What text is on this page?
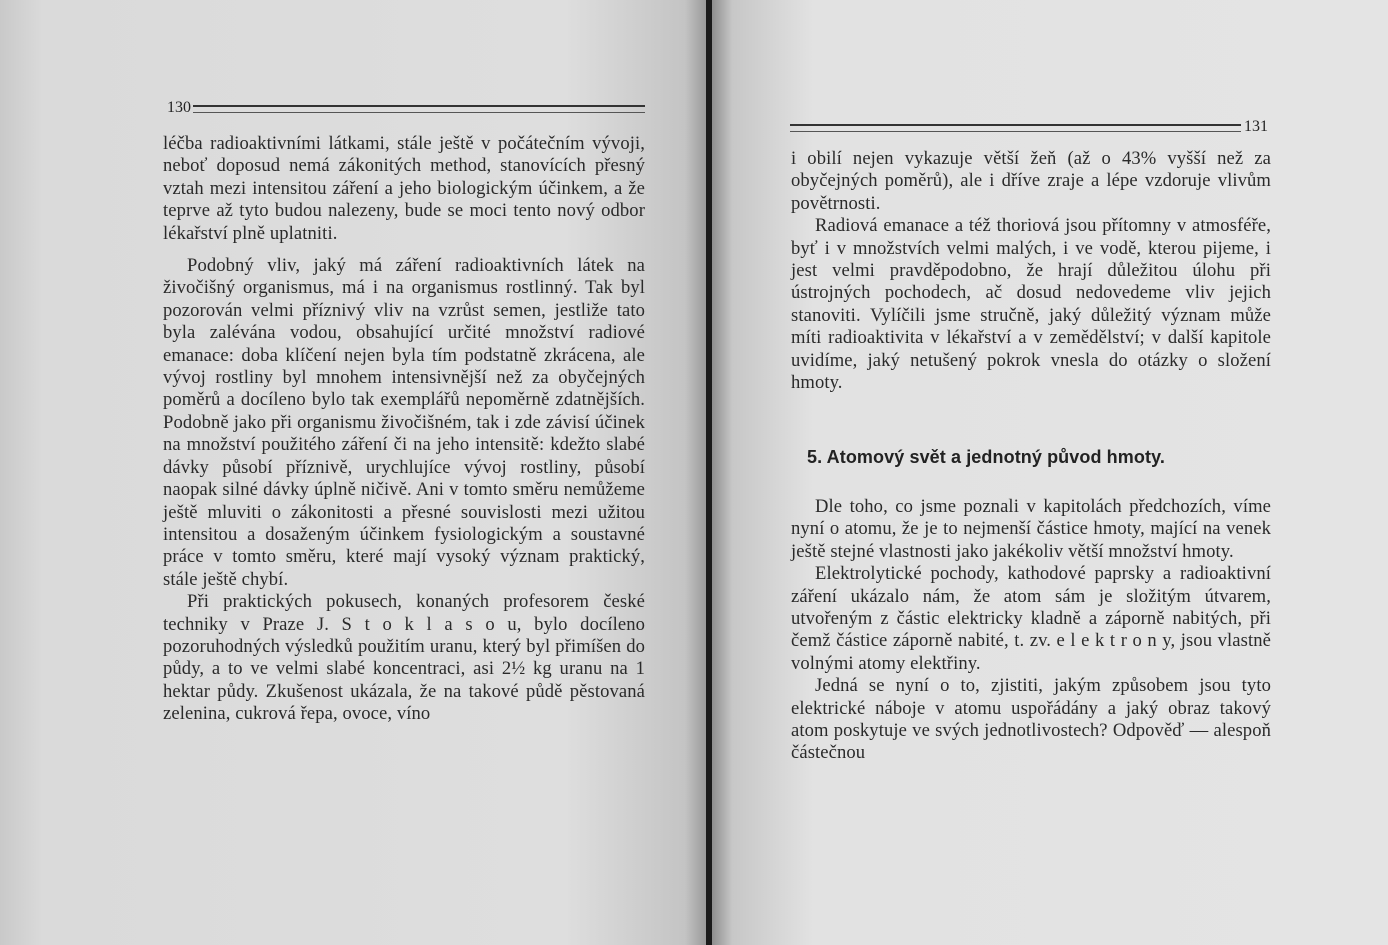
130

léčba radioaktivními látkami, stále ještě v počátečním vývoji, neboť doposud nemá zákonitých method, stanovících přesný vztah mezi intensitou záření a jeho biologickým účinkem, a že teprve až tyto budou nalezeny, bude se moci tento nový odbor lékařství plně uplatniti.

Podobný vliv, jaký má záření radioaktivních látek na živočišný organismus, má i na organismus rostlinný. Tak byl pozorován velmi příznivý vliv na vzrůst semen, jestliže tato byla zalévána vodou, obsahující určité množství radiové emanace: doba klíčení nejen byla tím podstatně zkrácena, ale vývoj rostliny byl mnohem intensivnější než za obyčejných poměrů a docíleno bylo tak exemplářů nepoměrně zdatnějších. Podobně jako při organismu živočišném, tak i zde závisí účinek na množství použitého záření či na jeho intensitě: kdežto slabé dávky působí příznivě, urychlujíce vývoj rostliny, působí naopak silné dávky úplně ničivě. Ani v tomto směru nemůžeme ještě mluviti o zákonitosti a přesné souvislosti mezi užitou intensitou a dosaženým účinkem fysiologickým a soustavné práce v tomto směru, které mají vysoký význam praktický, stále ještě chybí.

Při praktických pokusech, konaných profesorem české techniky v Praze J. S t o k l a s o u, bylo docíleno pozoruhodných výsledků použitím uranu, který byl přimíšen do půdy, a to ve velmi slabé koncentraci, asi 2½ kg uranu na 1 hektar půdy. Zkušenost ukázala, že na takové půdě pěstovaná zelenina, cukrová řepa, ovoce, víno

131

i obilí nejen vykazuje větší žeň (až o 43% vyšší než za obyčejných poměrů), ale i dříve zraje a lépe vzdoruje vlivům povětrnosti.

Radiová emanace a též thoriová jsou přítomny v atmosféře, byť i v množstvích velmi malých, i ve vodě, kterou pijeme, i jest velmi pravděpodobno, že hrají důležitou úlohu při ústrojných pochodech, ač dosud nedovedeme vliv jejich stanoviti. Vylíčili jsme stručně, jaký důležitý význam může míti radioaktivita v lékařství a v zemědělství; v další kapitole uvidíme, jaký netušený pokrok vnesla do otázky o složení hmoty.

5. Atomový svět a jednotný původ hmoty.

Dle toho, co jsme poznali v kapitolách předchozích, víme nyní o atomu, že je to nejmenší částice hmoty, mající na venek ještě stejné vlastnosti jako jakékoliv větší množství hmoty.

Elektrolytické pochody, kathodové paprsky a radioaktivní záření ukázalo nám, že atom sám je složitým útvarem, utvořeným z částic elektricky kladně a záporně nabitých, při čemž částice záporně nabité, t. zv. e l e k t r o n y, jsou vlastně volnými atomy elektřiny.

Jedná se nyní o to, zjistiti, jakým způsobem jsou tyto elektrické náboje v atomu uspořádány a jaký obraz takový atom poskytuje ve svých jednotlivostech? Odpověď — alespoň částečnou
